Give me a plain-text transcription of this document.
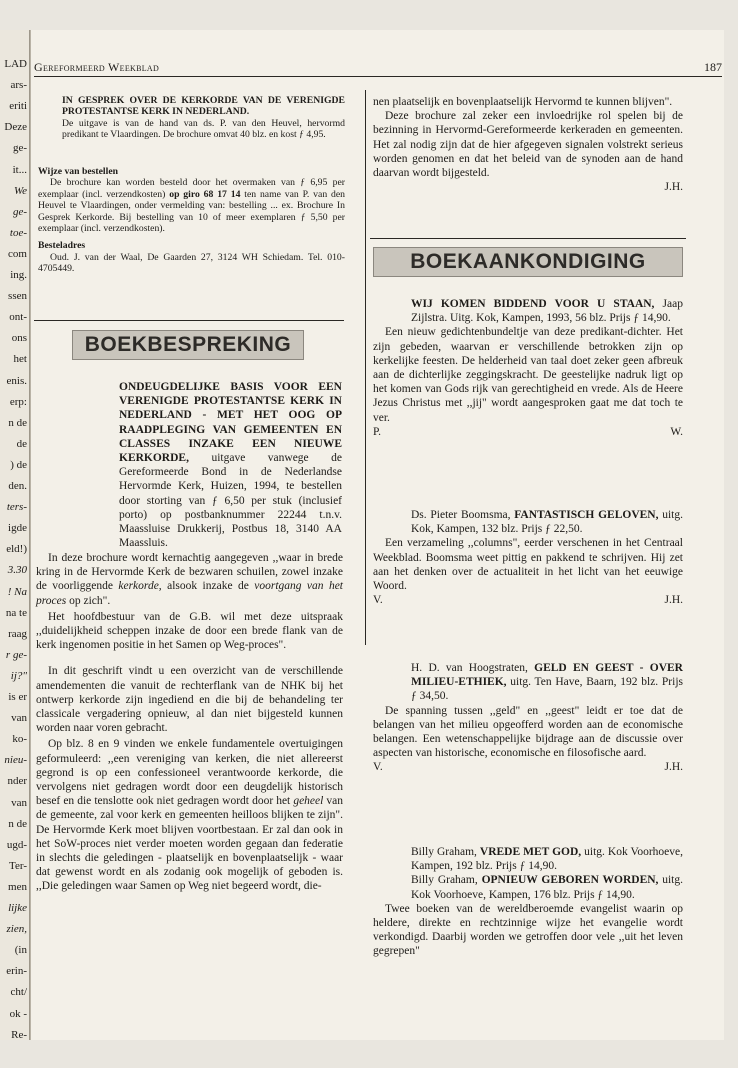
LAD
ars-
eriti
Deze
ge-
it...
We
ge-
toe-
com
ing.
ssen
ont-
ons
het
enis.
erp:
n de
de
) de
den.
ters-
igde
eld!)
3.30
! Na
na te
raag
r ge-
ij?"
is er
van
ko-
nieu-
nder
van
n de
ugd-
Ter-
men
lijke
zien,
(in
erin-
cht/
ok -
Re-
Gereformeerd Weekblad	187

IN GESPREK OVER DE KERKORDE VAN DE VERENIGDE PROTESTANTSE KERK IN NEDERLAND.

De uitgave is van de hand van ds. P. van den Heuvel, hervormd predikant te Vlaardingen. De brochure omvat 40 blz. en kost ƒ 4,95.

Wijze van bestellen

De brochure kan worden besteld door het overmaken van ƒ 6,95 per exemplaar (incl. verzendkosten) op giro 68 17 14 ten name van P. van den Heuvel te Vlaardingen, onder vermelding van: bestelling ... ex. Brochure In Gesprek Kerkorde. Bij bestelling van 10 of meer exemplaren ƒ 5,50 per exemplaar (incl. verzendkosten).

Besteladres

Oud. J. van der Waal, De Gaarden 27, 3124 WH Schiedam. Tel. 010-4705449.

BOEKBESPREKING

ONDEUGDELIJKE BASIS VOOR EEN VERENIGDE PROTESTANTSE KERK IN NEDERLAND - MET HET OOG OP RAADPLEGING VAN GEMEENTEN EN CLASSES INZAKE EEN NIEUWE KERKORDE, uitgave vanwege de Gereformeerde Bond in de Nederlandse Hervormde Kerk, Huizen, 1994, te bestellen door storting van ƒ 6,50 per stuk (inclusief porto) op postbanknummer 22244 t.n.v. Maassluise Drukkerij, Postbus 18, 3140 AA Maassluis.

In deze brochure wordt kernachtig aangegeven ,,waar in brede kring in de Hervormde Kerk de bezwaren schuilen, zowel inzake de voorliggende kerkorde, alsook inzake de voortgang van het proces op zich".

Het hoofdbestuur van de G.B. wil met deze uitspraak ,,duidelijkheid scheppen inzake de door een brede flank van de kerk ingenomen positie in het Samen op Weg-proces".

In dit geschrift vindt u een overzicht van de verschillende amendementen die vanuit de rechterflank van de NHK bij het ontwerp kerkorde zijn ingediend en die bij de behandeling ter classicale vergadering opnieuw, al dan niet bijgesteld kunnen worden naar voren gebracht.

Op blz. 8 en 9 vinden we enkele fundamentele overtuigingen geformuleerd: ,,een vereniging van kerken, die niet allereerst gegrond is op een confessioneel verantwoorde kerkorde, die vervolgens niet gedragen wordt door een deugdelijk historisch besef en die tenslotte ook niet gedragen wordt door het geheel van de gemeente, zal voor kerk en gemeenten heilloos blijken te zijn". De Hervormde Kerk moet blijven voortbestaan. Er zal dan ook in het SoW-proces niet verder moeten worden gegaan dan federatie in slechts die geledingen - plaatselijk en bovenplaatselijk - waar dat gewenst wordt en als zodanig ook mogelijk of geboden is. ,,Die geledingen waar Samen op Weg niet begeerd wordt, die-

nen plaatselijk en bovenplaatselijk Hervormd te kunnen blijven".

Deze brochure zal zeker een invloedrijke rol spelen bij de bezinning in Hervormd-Gereformeerde kerkeraden en gemeenten. Het zal nodig zijn dat de hier afgegeven signalen volstrekt serieus worden genomen en dat het beleid van de synoden aan de hand daarvan wordt bijgesteld.

J.H.

BOEKAANKONDIGING

WIJ KOMEN BIDDEND VOOR U STAAN, Jaap Zijlstra. Uitg. Kok, Kampen, 1993, 56 blz. Prijs ƒ 14,90.

Een nieuw gedichtenbundeltje van deze predikant-dichter. Het zijn gebeden, waarvan er verschillende betrokken zijn op kerkelijke feesten. De helderheid van taal doet zeker geen afbreuk aan de dichterlijke zeggingskracht. De geestelijke nadruk ligt op het komen van Gods rijk van gerechtigheid en vrede. Als de Heere Jezus Christus met ,,jij" wordt aangesproken gaat me dat toch te ver.

P.	W.

Ds. Pieter Boomsma, FANTASTISCH GELOVEN, uitg. Kok, Kampen, 132 blz. Prijs ƒ 22,50.

Een verzameling ,,columns", eerder verschenen in het Centraal Weekblad. Boomsma weet pittig en pakkend te schrijven. Hij zet aan het denken over de actualiteit in het licht van het eeuwige Woord.

V.	J.H.

H. D. van Hoogstraten, GELD EN GEEST - OVER MILIEU-ETHIEK, uitg. Ten Have, Baarn, 192 blz. Prijs ƒ 34,50.

De spanning tussen ,,geld" en ,,geest" leidt er toe dat de belangen van het milieu opgeofferd worden aan de economische belangen. Een wetenschappelijke bijdrage aan de discussie over aspecten van historische, economische en filosofische aard.

V.	J.H.

Billy Graham, VREDE MET GOD, uitg. Kok Voorhoeve, Kampen, 192 blz. Prijs ƒ 14,90.

Billy Graham, OPNIEUW GEBOREN WORDEN, uitg. Kok Voorhoeve, Kampen, 176 blz. Prijs ƒ 14,90.

Twee boeken van de wereldberoemde evangelist waarin op heldere, direkte en rechtzinnige wijze het evangelie wordt verkondigd. Daarbij worden we getroffen door vele ,,uit het leven gegrepen"
